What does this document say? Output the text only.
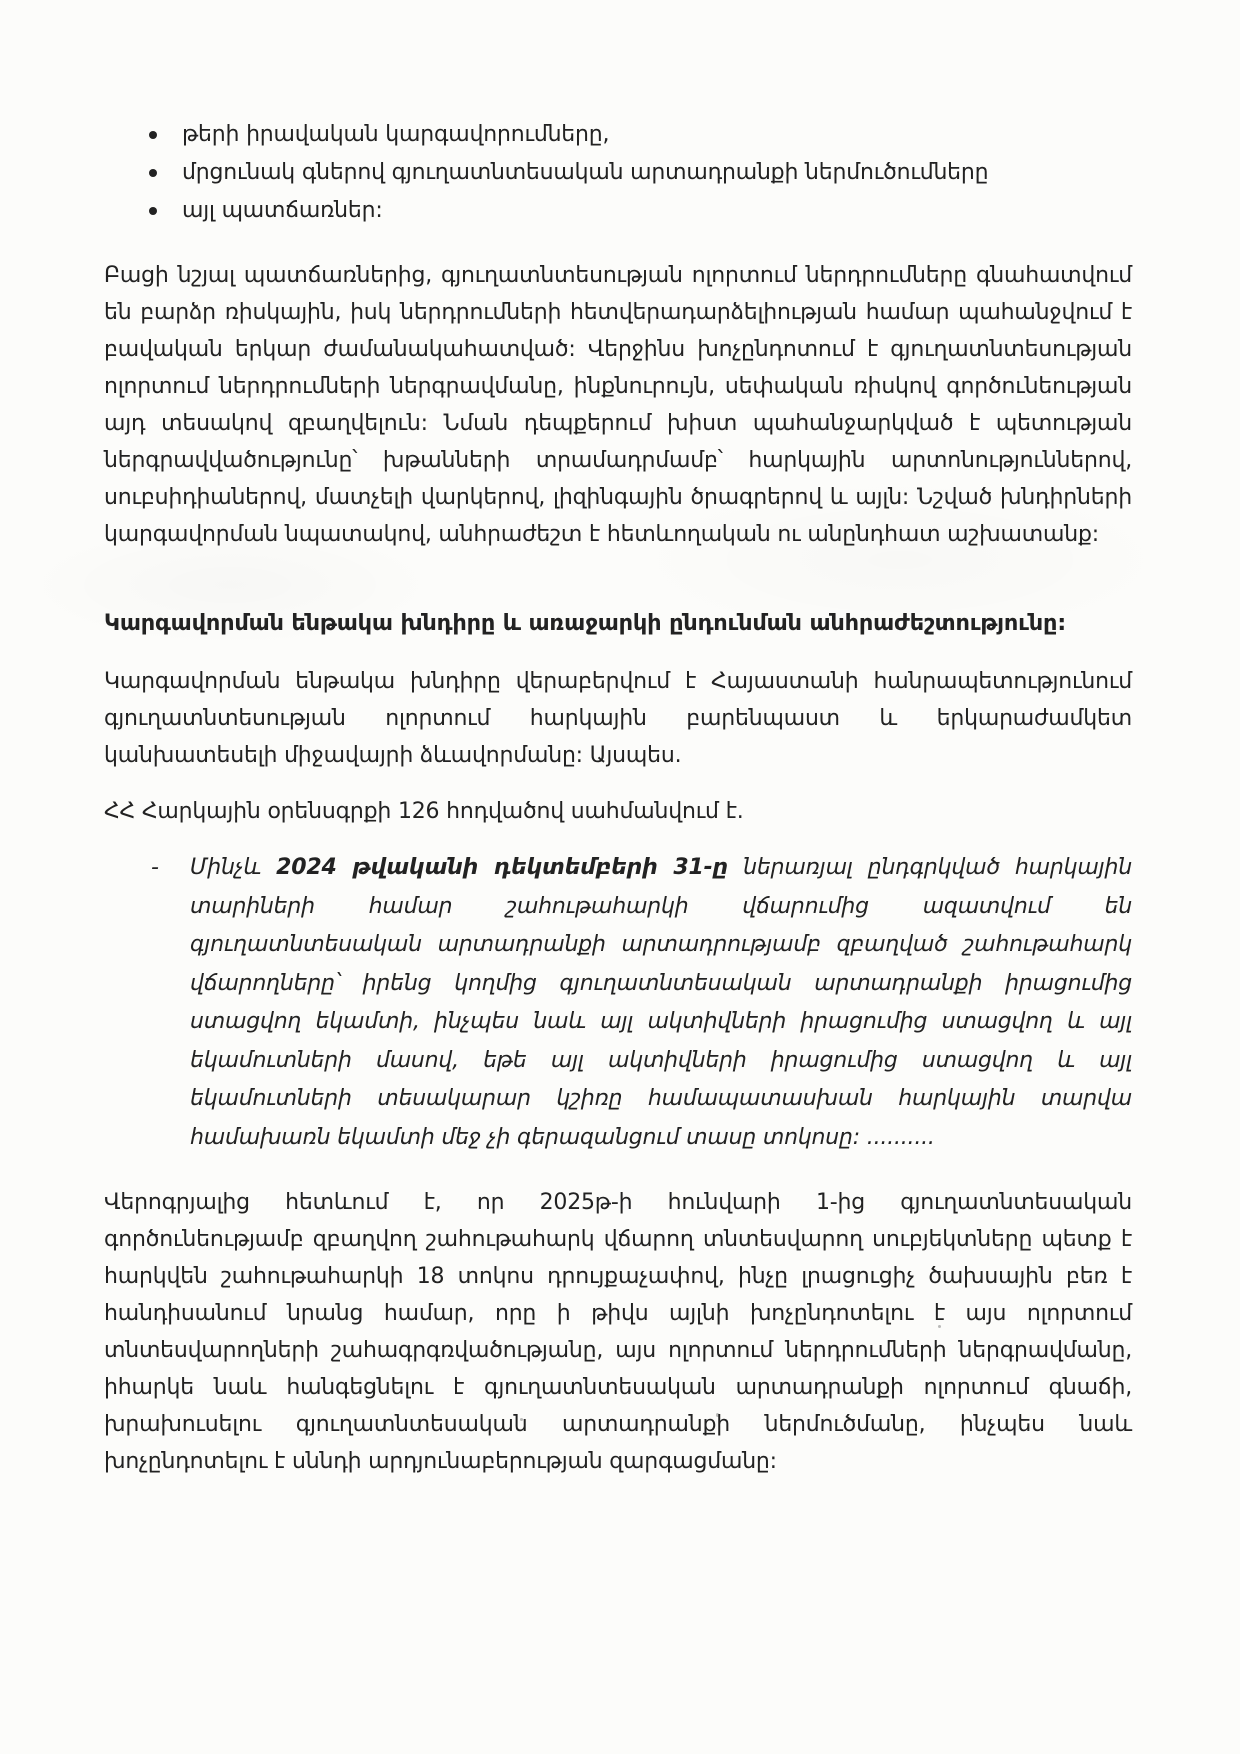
թերի իրավական կարգավորումները,
մրցունակ գներով գյուղատնտեսական արտադրանքի ներմուծումները
այլ պատճառներ:

Բացի նշյալ պատճառներից, գյուղատնտեսության ոլորտում ներդրումները գնահատվում են բարձր ռիսկային, իսկ ներդրումների հետվերադարձելիության համար պահանջվում է բավական երկար ժամանակահատված: Վերջինս խոչընդոտում է գյուղատնտեսության ոլորտում ներդրումների ներգրավմանը, ինքնուրույն, սեփական ռիսկով գործունեության այդ տեսակով զբաղվելուն: Նման դեպքերում խիստ պահանջարկված է պետության ներգրավվածությունը՝ խթանների տրամադրմամբ՝ հարկային արտոնություններով, սուբսիդիաներով, մատչելի վարկերով, լիզինգային ծրագրերով և այլն: Նշված խնդիրների կարգավորման նպատակով, անհրաժեշտ է հետևողական ու անընդհատ աշխատանք:

Կարգավորման ենթակա խնդիրը և առաջարկի ընդունման անհրաժեշտությունը:

Կարգավորման ենթակա խնդիրը վերաբերվում է Հայաստանի հանրապետությունում գյուղատնտեսության ոլորտում հարկային բարենպաստ և երկարաժամկետ կանխատեսելի միջավայրի ձևավորմանը: Այսպես.

ՀՀ Հարկային օրենսգրքի 126 հոդվածով սահմանվում է.

- Մինչև 2024 թվականի դեկտեմբերի 31-ը ներառյալ ընդգրկված հարկային տարիների համար շահութահարկի վճարումից ազատվում են գյուղատնտեսական արտադրանքի արտադրությամբ զբաղված շահութահարկ վճարողները՝ իրենց կողմից գյուղատնտեսական արտադրանքի իրացումից ստացվող եկամտի, ինչպես նաև այլ ակտիվների իրացումից ստացվող և այլ եկամուտների մասով, եթե այլ ակտիվների իրացումից ստացվող և այլ եկամուտների տեսակարար կշիռը համապատասխան հարկային տարվա համախառն եկամտի մեջ չի գերազանցում տասը տոկոսը: ..........

Վերոգրյալից հետևում է, որ 2025թ-ի հունվարի 1-ից գյուղատնտեսական գործունեությամբ զբաղվող շահութահարկ վճարող տնտեսվարող սուբյեկտները պետք է հարկվեն շահութահարկի 18 տոկոս դրույքաչափով, ինչը լրացուցիչ ծախսային բեռ է հանդիսանում նրանց համար, որը ի թիվս այլնի խոչընդոտելու է այս ոլորտում տնտեսվարողների շահագրգռվածությանը, այս ոլորտում ներդրումների ներգրավմանը, իհարկե նաև հանգեցնելու է գյուղատնտեսական արտադրանքի ոլորտում գնաճի, խրախուսելու գյուղատնտեսական արտադրանքի ներմուծմանը, ինչպես նաև խոչընդոտելու է սննդի արդյունաբերության զարգացմանը:
